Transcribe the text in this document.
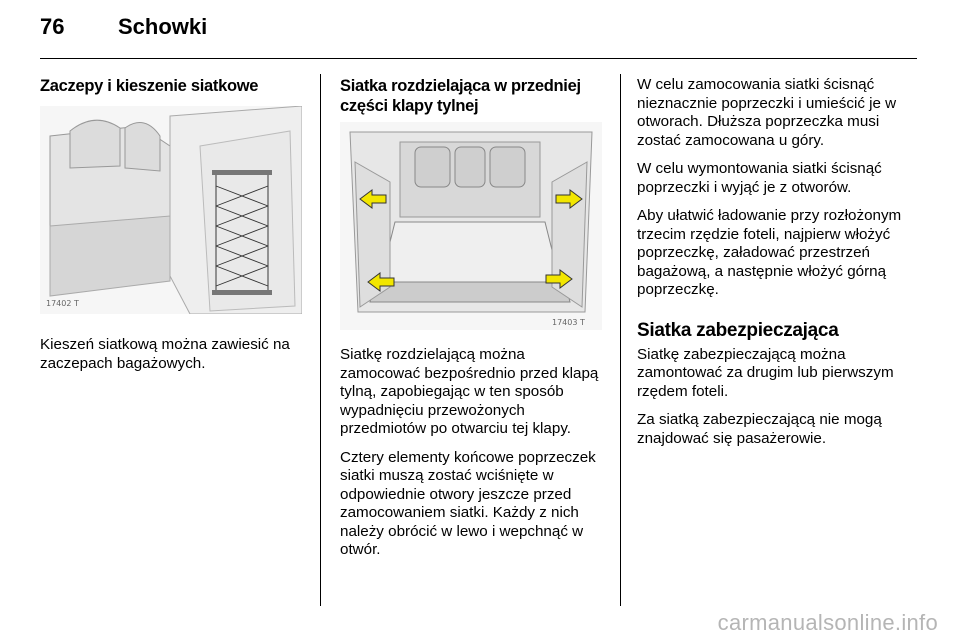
76 Schowki
Zaczepy i kieszenie siatkowe
17402 T

Kieszeń siatkową można zawiesić na zaczepach bagażowych.

Siatka rozdzielająca w przedniej części klapy tylnej
17403 T

Siatkę rozdzielającą można zamocować bezpośrednio przed klapą tylną, zapobiegając w ten sposób wypadnięciu przewożonych przedmiotów po otwarciu tej klapy.

Cztery elementy końcowe poprzeczek siatki muszą zostać wciśnięte w odpowiednie otwory jeszcze przed zamocowaniem siatki. Każdy z nich należy obrócić w lewo i wepchnąć w otwór.

W celu zamocowania siatki ścisnąć nieznacznie poprzeczki i umieścić je w otworach. Dłuższa poprzeczka musi zostać zamocowana u góry.

W celu wymontowania siatki ścisnąć poprzeczki i wyjąć je z otworów.

Aby ułatwić ładowanie przy rozłożonym trzecim rzędzie foteli, najpierw włożyć poprzeczkę, załadować przestrzeń bagażową, a następnie włożyć górną poprzeczkę.

Siatka zabezpieczająca

Siatkę zabezpieczającą można zamontować za drugim lub pierwszym rzędem foteli.

Za siatką zabezpieczającą nie mogą znajdować się pasażerowie.

carmanualsonline.info
